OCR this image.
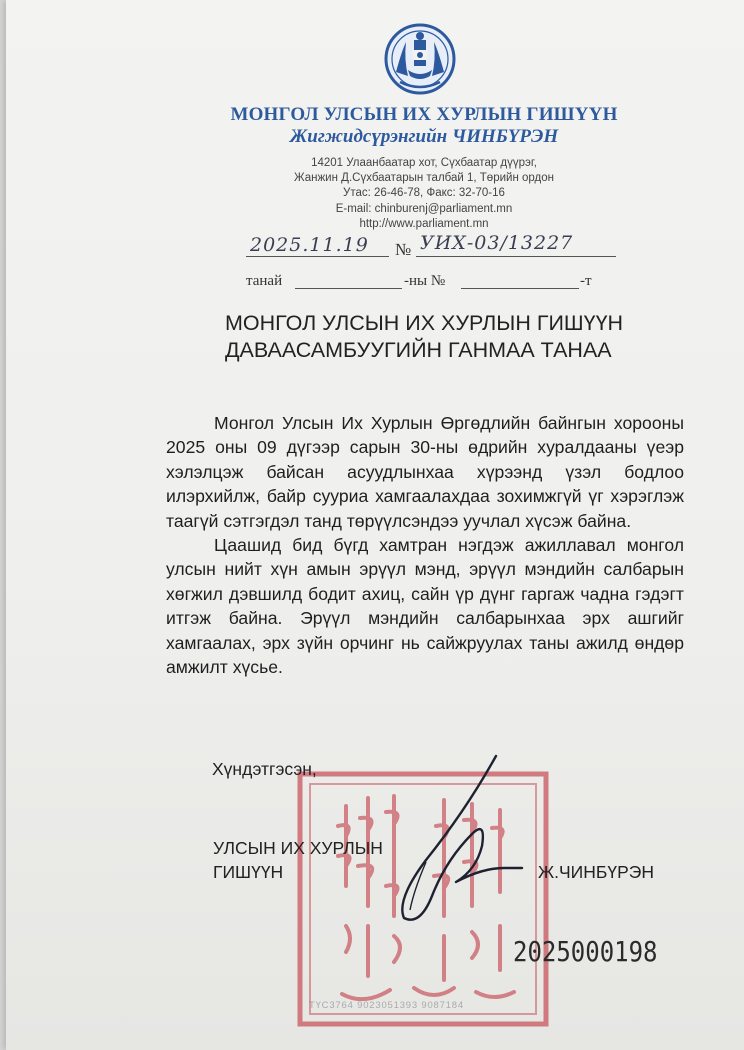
МОНГОЛ УЛСЫН ИХ ХУРЛЫН ГИШҮҮН
Жигжидсүрэнгийн ЧИНБҮРЭН
14201 Улаанбаатар хот, Сүхбаатар дүүрэг,
Жанжин Д.Сүхбаатарын талбай 1, Төрийн ордон
Утас: 26-46-78, Факс: 32-70-16
E-mail: chinburenj@parliament.mn
http://www.parliament.mn
2025.11.19 № УИХ-03/13227
танай	-ны №	-т
МОНГОЛ УЛСЫН ИХ ХУРЛЫН ГИШҮҮН
ДАВААСАМБУУГИЙН ГАНМАА ТАНАА

Монгол Улсын Их Хурлын Өргөдлийн байнгын хорооны 2025 оны 09 дүгээр сарын 30-ны өдрийн хуралдааны үеэр хэлэлцэж байсан асуудлынхаа хүрээнд үзэл бодлоо илэрхийлж, байр сууриа хамгаалахдаа зохимжгүй үг хэрэглэж таагүй сэтгэгдэл танд төрүүлсэндээ уучлал хүсэж байна.

Цаашид бид бүгд хамтран нэгдэж ажиллавал монгол улсын нийт хүн амын эрүүл мэнд, эрүүл мэндийн салбарын хөгжил дэвшилд бодит ахиц, сайн үр дүнг гаргаж чадна гэдэгт итгэж байна. Эрүүл мэндийн салбарынхаа эрх ашгийг хамгаалах, эрх зүйн орчинг нь сайжруулах таны ажилд өндөр амжилт хүсье.

ТҮС3764 9023051393 9087184
Хүндэтгэсэн,
УЛСЫН ИХ ХУРЛЫН
ГИШҮҮН	Ж.ЧИНБҮРЭН
2025000198
